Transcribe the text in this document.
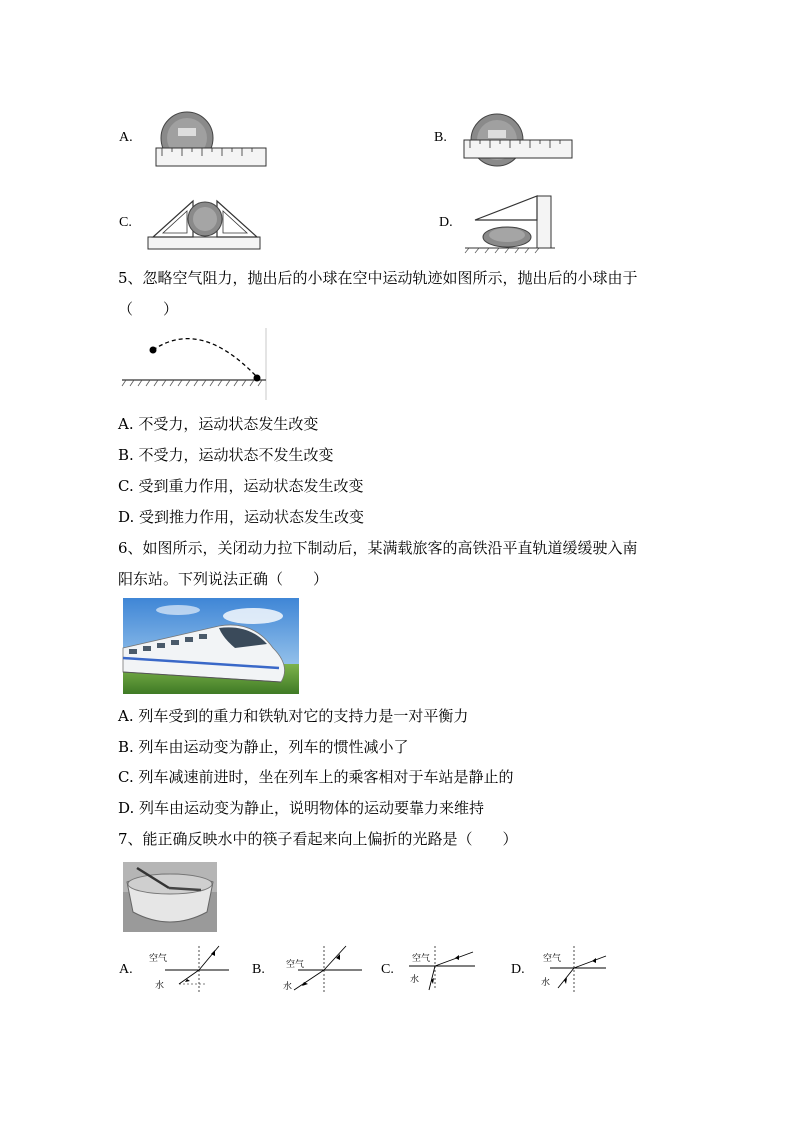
A.	B.
C.	D.
5、忽略空气阻力，抛出后的小球在空中运动轨迹如图所示，抛出后的小球由于
（　　）
A. 不受力，运动状态发生改变
B. 不受力，运动状态不发生改变
C. 受到重力作用，运动状态发生改变
D. 受到推力作用，运动状态发生改变
6、如图所示，关闭动力拉下制动后，某满载旅客的高铁沿平直轨道缓缓驶入南
阳东站。下列说法正确（　　）
A. 列车受到的重力和铁轨对它的支持力是一对平衡力
B. 列车由运动变为静止，列车的惯性减小了
C. 列车减速前进时，坐在列车上的乘客相对于车站是静止的
D. 列车由运动变为静止，说明物体的运动要靠力来维持
7、能正确反映水中的筷子看起来向上偏折的光路是（　　）
A.
空气
水
B. 空气
水
C.
空气
水
D.
空气
水
